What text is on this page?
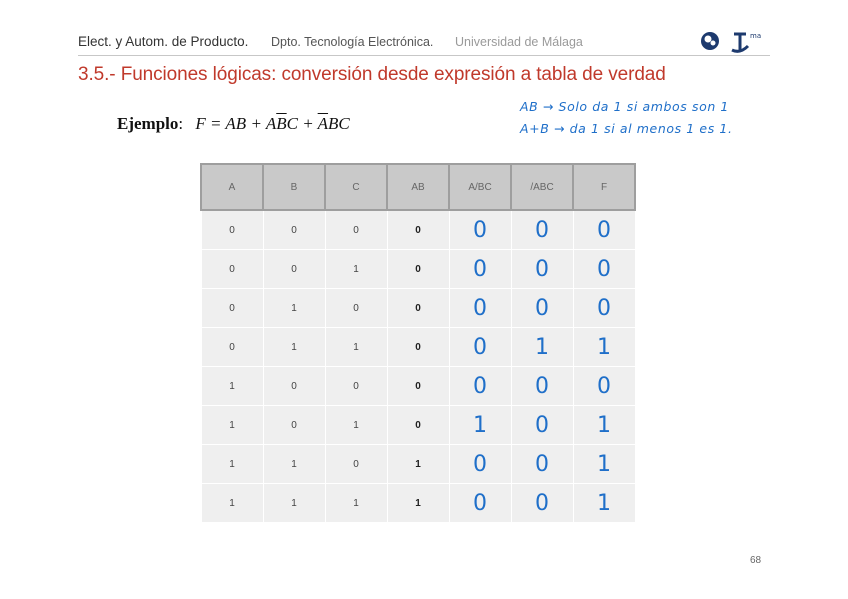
Elect. y Autom. de Producto. Dpto. Tecnología Electrónica. Universidad de Málaga	ma
3.5.- Funciones lógicas: conversión desde expresión a tabla de verdad
Ejemplo: F = AB + $A\overline{B}C + \overline{A}BC$
AB → Solo da 1 si ambos son 1
A+B → da 1 si al menos 1 es 1.
A	B	C	AB	A/BC	/ABC	F
0	0	0	0	0	0	0
0	0	1	0	0	0	0
0	1	0	0	0	0	0
0	1	1	0	0	1	1
1	0	0	0	0	0	0
1	0	1	0	1	0	1
1	1	0	1	0	0	1
1	1	1	1	0	0	1
68
